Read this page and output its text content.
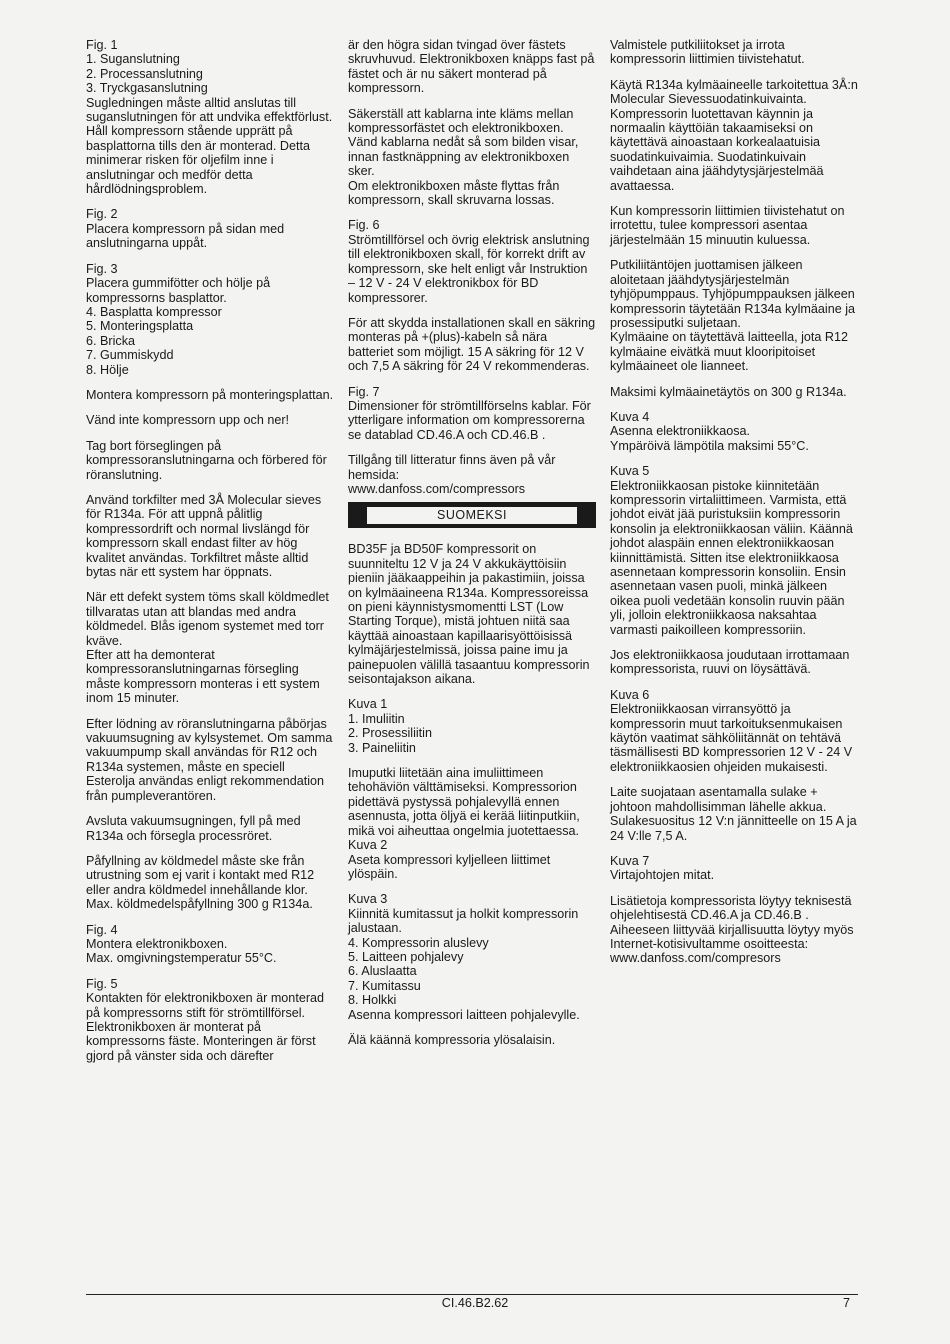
Fig. 1

1. Suganslutning

2. Processanslutning

3. Tryckgasanslutning

Sugledningen måste alltid anslutas till suganslutningen för att undvika effektförlust. Håll kompressorn stående upprätt på basplattorna tills den är monterad. Detta minimerar risken för oljefilm inne i anslutningar och medför detta hårdlödningsproblem.

Fig. 2

Placera kompressorn på sidan med anslutningarna uppåt.

Fig. 3

Placera gummifötter och hölje på kompressorns basplattor.

4. Basplatta kompressor

5. Monteringsplatta

6. Bricka

7. Gummiskydd

8. Hölje

Montera kompressorn på monteringsplattan.

Vänd inte kompressorn upp och ner!

Tag bort förseglingen på kompressoranslutningarna och förbered för röranslutning.

Använd torkfilter med 3Å Molecular sieves för R134a. För att uppnå pålitlig kompressordrift och normal livslängd för kompressorn skall endast filter av hög kvalitet användas. Torkfiltret måste alltid bytas när ett system har öppnats.

När ett defekt system töms skall köldmedlet tillvaratas utan att blandas med andra köldmedel. Blås igenom systemet med torr kväve.

Efter att ha demonterat kompressoranslutningarnas försegling måste kompressorn monteras i ett system inom 15 minuter.

Efter lödning av röranslutningarna påbörjas vakuumsugning av kylsystemet. Om samma vakuumpump skall användas för R12 och R134a systemen, måste en speciell Esterolja användas enligt rekommendation från pumpleverantören.

Avsluta vakuumsugningen, fyll på med R134a och försegla processröret.

Påfyllning av köldmedel måste ske från utrustning som ej varit i kontakt med R12 eller andra köldmedel innehållande klor.

Max. köldmedelspåfyllning 300 g R134a.

Fig. 4

Montera elektronikboxen.

Max. omgivningstemperatur 55°C.

Fig. 5

Kontakten för elektronikboxen är monterad på kompressorns stift för strömtillförsel. Elektronikboxen är monterat på kompressorns fäste. Monteringen är först gjord på vänster sida och därefter

är den högra sidan tvingad över fästets skruvhuvud. Elektronikboxen knäpps fast på fästet och är nu säkert monterad på kompressorn.

Säkerställ att kablarna inte kläms mellan kompressorfästet och elektronikboxen. Vänd kablarna nedåt så som bilden visar, innan fastknäppning av elektronikboxen sker.

Om elektronikboxen måste flyttas från kompressorn, skall skruvarna lossas.

Fig. 6

Strömtillförsel och övrig elektrisk anslutning till elektronikboxen skall, för korrekt drift av kompressorn, ske helt enligt vår Instruktion – 12 V - 24 V elektronikbox för BD kompressorer.

För att skydda installationen skall en säkring monteras på +(plus)-kabeln så nära batteriet som möjligt. 15 A säkring för 12 V och 7,5 A säkring för 24 V rekommenderas.

Fig. 7

Dimensioner för strömtillförselns kablar. För ytterligare information om kompressorerna se datablad CD.46.A och CD.46.B .

Tillgång till litteratur finns även på vår hemsida:

www.danfoss.com/compressors

SUOMEKSI

BD35F ja BD50F kompressorit on suunniteltu 12 V ja 24 V akkukäyttöisiin pieniin jääkaappeihin ja pakastimiin, joissa on kylmäaineena R134a. Kompressoreissa on pieni käynnistysmomentti LST (Low Starting Torque), mistä johtuen niitä saa käyttää ainoastaan kapillaarisyöttöisissä kylmäjärjestelmissä, joissa paine imu ja painepuolen välillä tasaantuu kompressorin seisontajakson aikana.

Kuva 1

1. Imuliitin

2. Prosessiliitin

3. Paineliitin

Imuputki liitetään aina imuliittimeen tehohäviön välttämiseksi. Kompressorion pidettävä pystyssä pohjalevyllä ennen asennusta, jotta öljyä ei kerää liitinputkiin, mikä voi aiheuttaa ongelmia juotettaessa.

Kuva 2

Aseta kompressori kyljelleen liittimet ylöspäin.

Kuva 3

Kiinnitä kumitassut ja holkit kompressorin jalustaan.

4. Kompressorin aluslevy

5. Laitteen pohjalevy

6. Aluslaatta

7. Kumitassu

8. Holkki

Asenna kompressori laitteen pohjalevylle.

Älä käännä kompressoria ylösalaisin.

Valmistele putkiliitokset ja irrota kompressorin liittimien tiivistehatut.

Käytä R134a kylmäaineelle tarkoitettua 3Å:n Molecular Sievessuodatinkuivainta. Kompressorin luotettavan käynnin ja normaalin käyttöiän takaamiseksi on käytettävä ainoastaan korkealaatuisia suodatinkuivaimia. Suodatinkuivain vaihdetaan aina jäähdytysjärjestelmää avattaessa.

Kun kompressorin liittimien tiivistehatut on irrotettu, tulee kompressori asentaa järjestelmään 15 minuutin kuluessa.

Putkiliitäntöjen juottamisen jälkeen aloitetaan jäähdytysjärjestelmän tyhjöpumppaus. Tyhjöpumppauksen jälkeen kompressorin täytetään R134a kylmäaine ja prosessiputki suljetaan.

Kylmäaine on täytettävä laitteella, jota R12 kylmäaine eivätkä muut klooripitoiset kylmäaineet ole lianneet.

Maksimi kylmäainetäytös on 300 g R134a.

Kuva 4

Asenna elektroniikkaosa.

Ympäröivä lämpötila maksimi 55°C.

Kuva 5

Elektroniikkaosan pistoke kiinnitetään kompressorin virtaliittimeen. Varmista, että johdot eivät jää puristuksiin kompressorin konsolin ja elektroniikkaosan väliin. Käännä johdot alaspäin ennen elektroniikkaosan kiinnittämistä. Sitten itse elektroniikkaosa asennetaan kompressorin konsoliin. Ensin asennetaan vasen puoli, minkä jälkeen oikea puoli vedetään konsolin ruuvin pään yli, jolloin elektroniikkaosa naksahtaa varmasti paikoilleen kompressoriin.

Jos elektroniikkaosa joudutaan irrottamaan kompressorista, ruuvi on löysättävä.

Kuva 6

Elektroniikkaosan virransyöttö ja kompressorin muut tarkoituksenmukaisen käytön vaatimat sähköliitännät on tehtävä täsmällisesti BD kompressorien 12 V - 24 V elektroniikkaosien ohjeiden mukaisesti.

Laite suojataan asentamalla sulake + johtoon mahdollisimman lähelle akkua. Sulakesuositus 12 V:n jännitteelle on 15 A ja 24 V:lle 7,5 A.

Kuva 7

Virtajohtojen mitat.

Lisätietoja kompressorista löytyy teknisestä ohjelehtisestä CD.46.A ja CD.46.B .

Aiheeseen liittyvää kirjallisuutta löytyy myös Internet-kotisivultamme osoitteesta:

www.danfoss.com/compresors

CI.46.B2.62	7
